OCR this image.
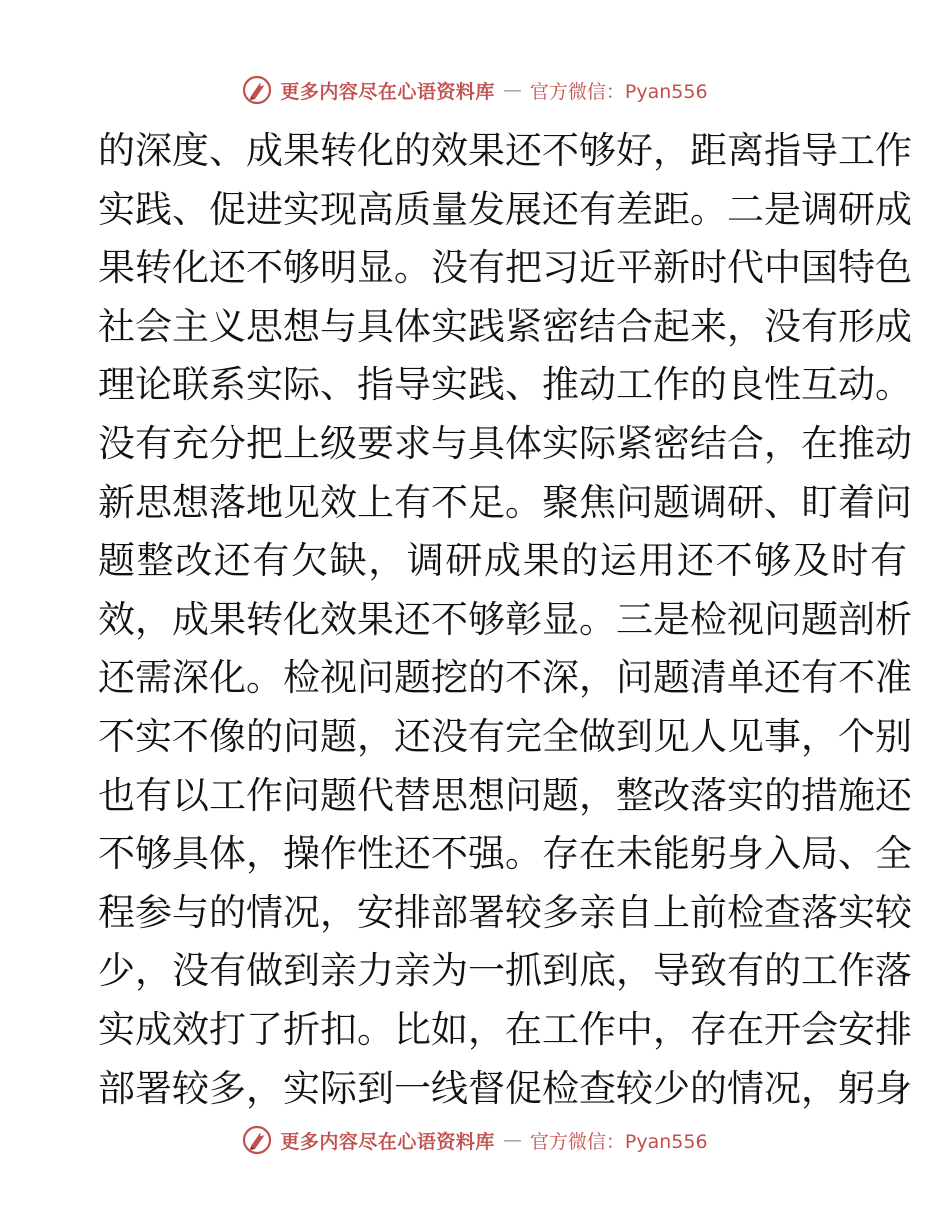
更多内容尽在心语资料库 — 官方微信：Pyan556
的深度、成果转化的效果还不够好，距离指导工作
实践、促进实现高质量发展还有差距。二是调研成
果转化还不够明显。没有把习近平新时代中国特色
社会主义思想与具体实践紧密结合起来，没有形成
理论联系实际、指导实践、推动工作的良性互动。
没有充分把上级要求与具体实际紧密结合，在推动
新思想落地见效上有不足。聚焦问题调研、盯着问
题整改还有欠缺，调研成果的运用还不够及时有
效，成果转化效果还不够彰显。三是检视问题剖析
还需深化。检视问题挖的不深，问题清单还有不准
不实不像的问题，还没有完全做到见人见事，个别
也有以工作问题代替思想问题，整改落实的措施还
不够具体，操作性还不强。存在未能躬身入局、全
程参与的情况，安排部署较多亲自上前检查落实较
少，没有做到亲力亲为一抓到底，导致有的工作落
实成效打了折扣。比如，在工作中，存在开会安排
部署较多，实际到一线督促检查较少的情况，躬身
更多内容尽在心语资料库 — 官方微信：Pyan556
